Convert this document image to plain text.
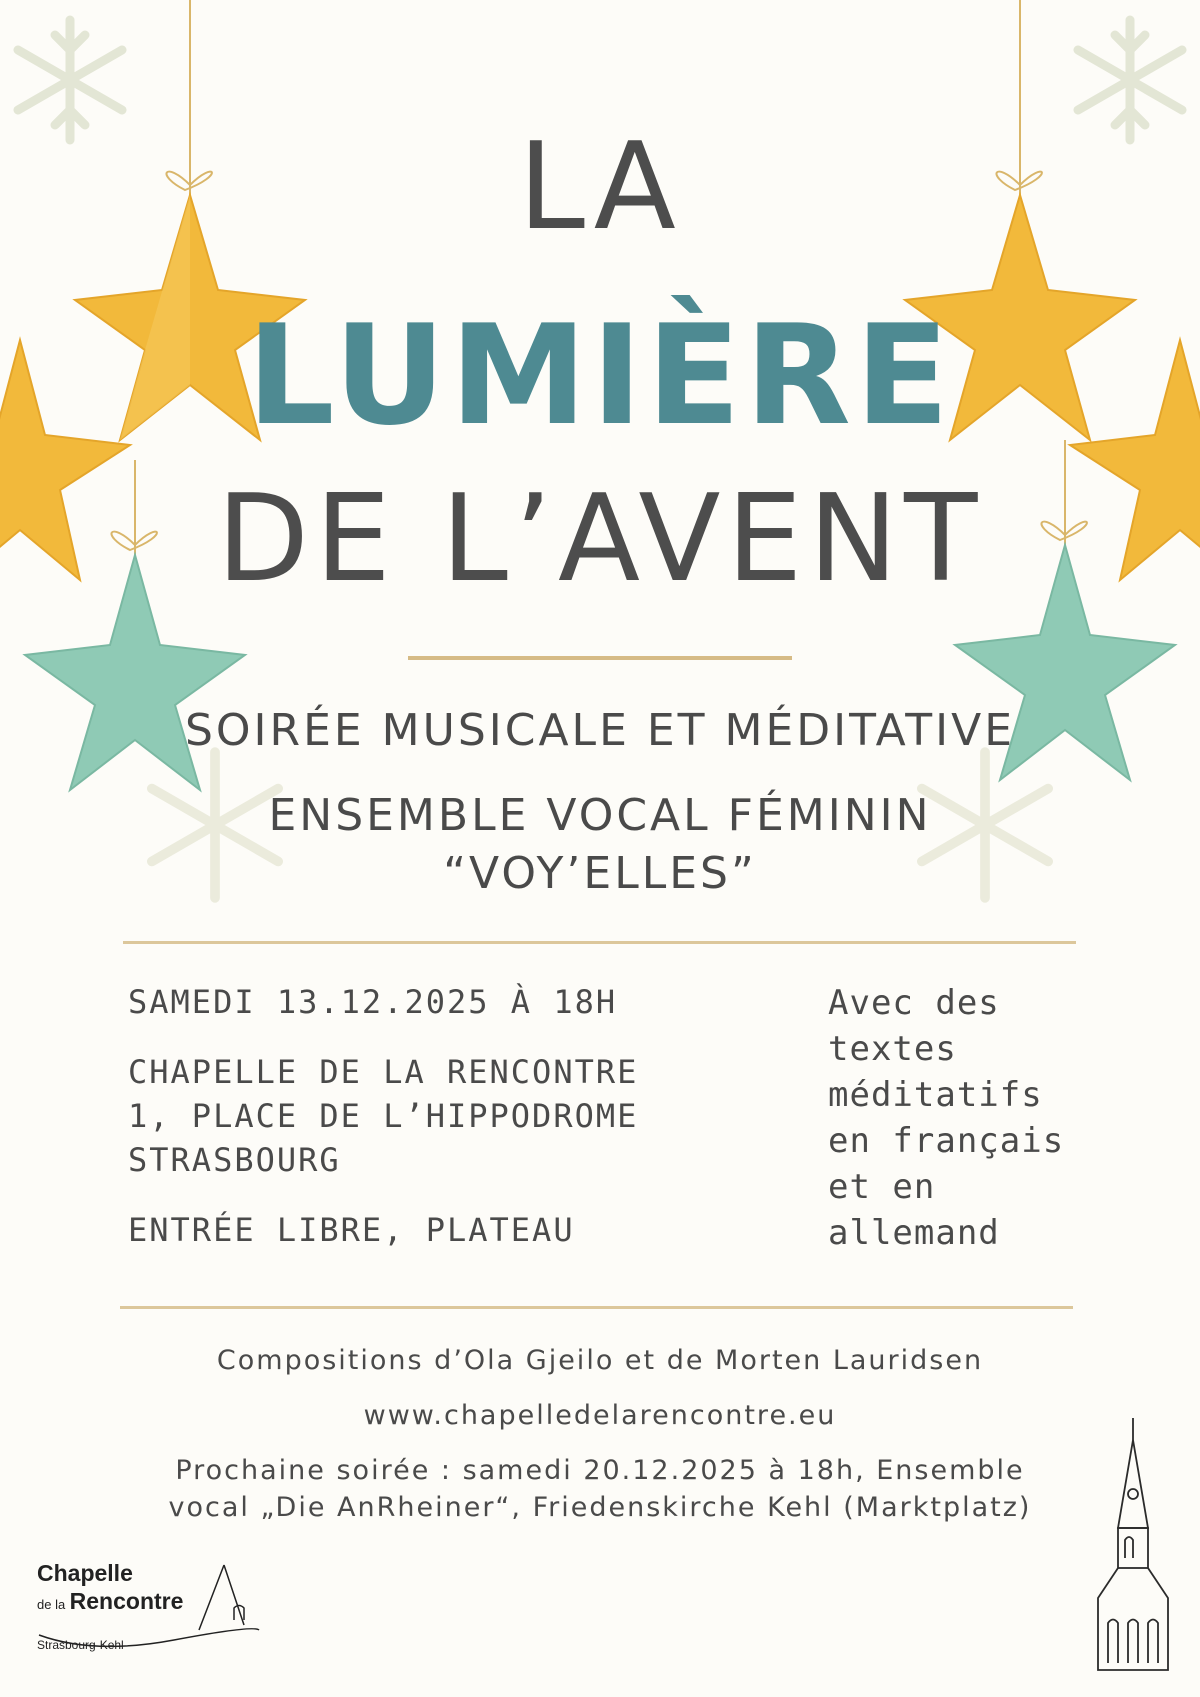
LA
LUMIÈRE
DE L’AVENT
SOIRÉE MUSICALE ET MÉDITATIVE
ENSEMBLE VOCAL FÉMININ
“VOY’ELLES”
SAMEDI 13.12.2025 À 18H
CHAPELLE DE LA RENCONTRE
1, PLACE DE L’HIPPODROME
STRASBOURG
ENTRÉE LIBRE, PLATEAU
Avec des
textes
méditatifs
en français
et en
allemand
Compositions d’Ola Gjeilo et de Morten Lauridsen
www.chapelledelarencontre.eu
Prochaine soirée : samedi 20.12.2025 à 18h, Ensemble
vocal „Die AnRheiner“, Friedenskirche Kehl (Marktplatz)
Chapelle
de la Rencontre
Strasbourg-Kehl
